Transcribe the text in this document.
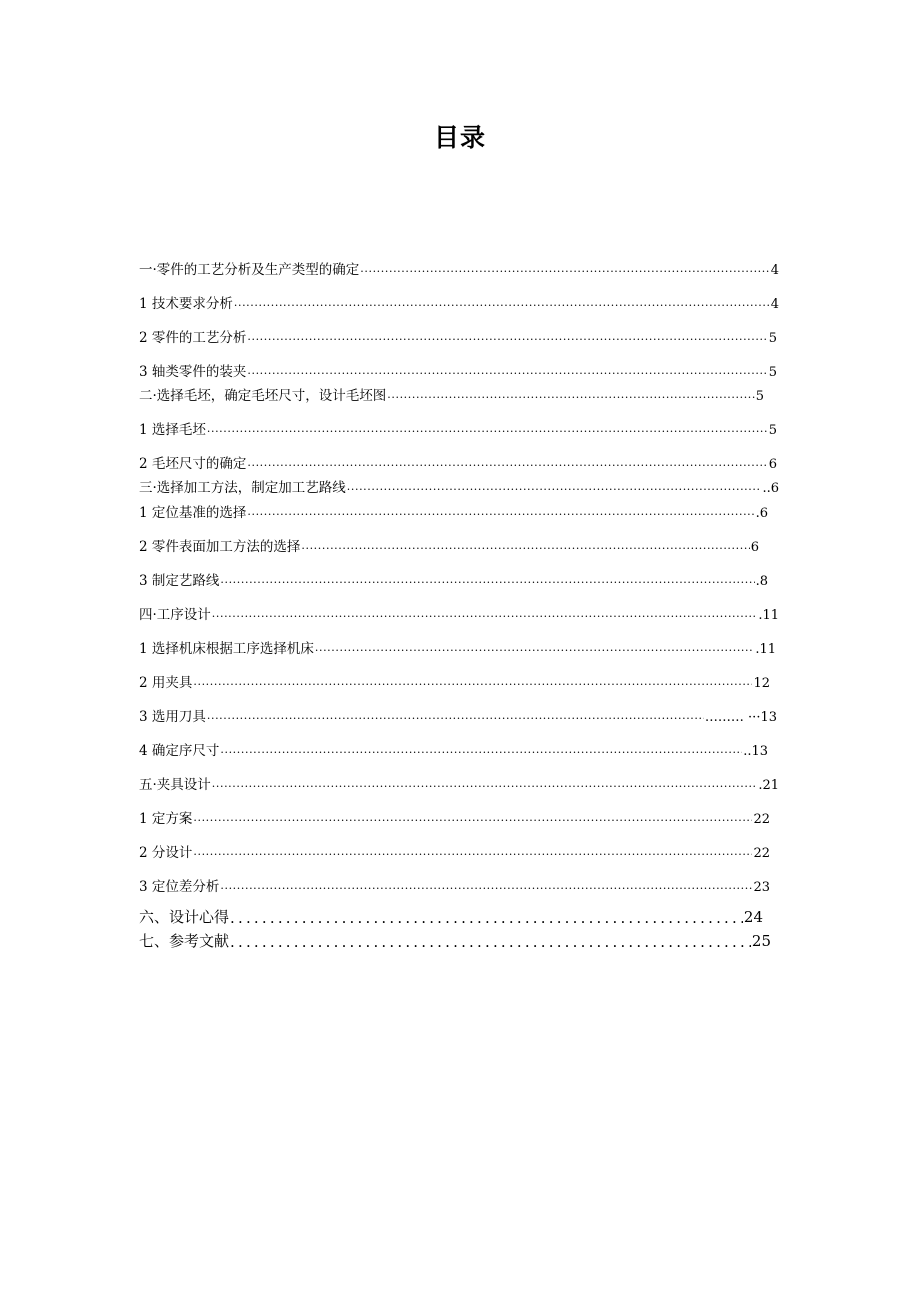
目录
一·零件的工艺分析及生产类型的确定 ·····	4
1 技术要求分析 ·····	4
2 零件的工艺分析 ·····	5
3 轴类零件的装夹 ·····	5
二·选择毛坯，确定毛坯尺寸，设计毛坯图 ·····	5
1 选择毛坯 ·····	5
2 毛坯尺寸的确定 ·····	6
三·选择加工方法，制定加工艺路线 ·····	..6
1 定位基准的选择 ·····	.6
2 零件表面加工方法的选择 ·····	6
3 制定艺路线 ·····	.8
四·工序设计 ·····	.11
1 选择机床根据工序选择机床 ·····	.11
2 用夹具 ·····	12
3 选用刀具 ·····	……… ···13
4 确定序尺寸 ·····	..13
五·夹具设计 ·····	.21
1 定方案 ·····	22
2 分设计 ·····	22
3 定位差分析 ·····	23
六、设计心得 .....	24
七、参考文献 .....	25
